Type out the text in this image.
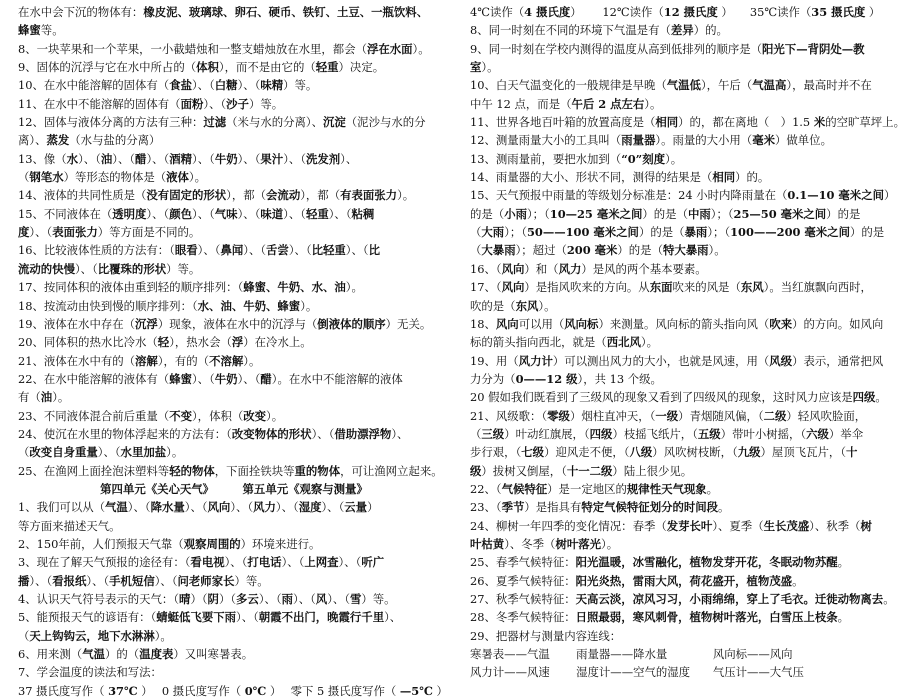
在水中会下沉的物体有：橡皮泥、玻璃球、卵石、硬币、铁钉、土豆、一瓶饮料、
蜂蜜等。
8、一块苹果和一个苹果，一小截蜡烛和一整支蜡烛放在水里，都会（浮在水面）。
9、固体的沉浮与它在水中所占的（体积），而不是由它的（轻重）决定。
10、在水中能溶解的固体有（食盐）、（白糖）、（味精）等。
11、在水中不能溶解的固体有（面粉）、（沙子）等。
12、固体与液体分离的方法有三种：过滤（米与水的分离）、沉淀（泥沙与水的分
离）、蒸发（水与盐的分离）
13、像（水）、（油）、（醋）、（酒精）、（牛奶）、（果汁）、（洗发剂）、
（钢笔水）等形态的物体是（液体）。
14、液体的共同性质是（没有固定的形状），都（会流动），都（有表面张力）。
15、不同液体在（透明度）、（颜色）、（气味）、（味道）、（轻重）、（粘稠
度）、（表面张力）等方面是不同的。
16、比较液体性质的方法有：（眼看）、（鼻闻）、（舌尝）、（比轻重）、（比
流动的快慢）、（比覆珠的形状）等。
17、按同体积的液体由重到轻的顺序排列：（蜂蜜、牛奶、水、油）。
18、按流动由快到慢的顺序排列：（水、油、牛奶、蜂蜜）。
19、液体在水中存在（沉浮）现象，液体在水中的沉浮与（倒液体的顺序）无关。
20、同体积的热水比冷水（轻），热水会（浮）在冷水上。
21、液体在水中有的（溶解），有的（不溶解）。
22、在水中能溶解的液体有（蜂蜜）、（牛奶）、（醋）。在水中不能溶解的液体
有（油）。
23、不同液体混合前后重量（不变），体积（改变）。
24、使沉在水里的物体浮起来的方法有：（改变物体的形状）、（借助漂浮物）、
（改变自身重量）、（水里加盐）。
25、在渔网上面拴泡沫塑料等轻的物体，下面拴铁块等重的物体，可让渔网立起来。
第四单元《关心天气》　　　第五单元《观察与测量》
1、我们可以从（气温）、（降水量）、（风向）、（风力）、（湿度）、（云量）
等方面来描述天气。
2、150年前，人们预报天气靠（观察周围的）环境来进行。
3、现在了解天气预报的途径有：（看电视）、（打电话）、（上网查）、（听广
播）、（看报纸）、（手机短信）、（问老师家长）等。
4、认识天气符号表示的天气：（晴）（阴）（多云）、（雨）、（风）、（雪）等。
5、能预报天气的谚语有：（蜻蜓低飞要下雨）、（朝霞不出门，晚霞行千里）、
（天上钩钩云，地下水淋淋）。
6、用来测（气温）的（温度表）又叫寒暑表。
7、学会温度的读法和写法：
37 摄氏度写作（ 37℃ ）　 0 摄氏度写作（ 0℃ ）　 零下 5 摄氏度写作（ —5℃ ）
4℃读作（4 摄氏度）　　 12℃读作（12 摄氏度 ）　　35℃读作（35 摄氏度 ）
8、同一时刻在不同的环境下气温是有（差异）的。
9、同一时刻在学校内测得的温度从高到低排列的顺序是（阳光下—背阴处—教
室）。
10、白天气温变化的一般规律是早晚（气温低），午后（气温高），最高时并不在
中午 12 点，而是（午后 2 点左右）。
11、世界各地百叶箱的放置高度是（相同）的，都在离地（　）1.5 米的空旷草坪上。
12、测量雨量大小的工具叫（雨量器）。雨量的大小用（毫米）做单位。
13、测雨量前，要把水加到（“0”刻度）。
14、雨量器的大小、形状不同，测得的结果是（相同）的。
15、天气预报中雨量的等级划分标准是：24 小时内降雨量在（0.1—10 毫米之间）
的是（小雨）；（10—25 毫米之间）的是（中雨）；（25—50 毫米之间）的是
（大雨）；（50——100 毫米之间）的是（暴雨）；（100——200 毫米之间）的是
（大暴雨）；超过（200 毫米）的是（特大暴雨）。
16、（风向）和（风力）是风的两个基本要素。
17、（风向）是指风吹来的方向。从东面吹来的风是（东风）。当红旗飘向西时，
吹的是（东风）。
18、风向可以用（风向标）来测量。风向标的箭头指向风（吹来）的方向。如风向
标的箭头指向西北，就是（西北风）。
19、用（风力计）可以测出风力的大小，也就是风速，用（风级）表示，通常把风
力分为（0——12 级），共 13 个级。
20 假如我们既看到了三级风的现象又看到了四级风的现象，这时风力应该是四级。
21、风级歌：（零级）烟柱直冲天，（一级）青烟随风偏，（二级）轻风吹脸面，
（三级）叶动红旗展，（四级）枝摇飞纸片，（五级）带叶小树摇，（六级）举伞
步行艰，（七级）迎风走不便，（八级）风吹树枝断，（九级）屋顶飞瓦片，（十
级）拔树又倒屋，（十一二级）陆上很少见。
22、（气候特征）是一定地区的规律性天气现象。
23、（季节）是指具有特定气候特征划分的时间段。
24、柳树一年四季的变化情况：春季（发芽长叶）、夏季（生长茂盛）、秋季（树
叶枯黄）、冬季（树叶落光）。
25、春季气候特征：阳光温暖，冰雪融化，植物发芽开花，冬眠动物苏醒。
26、夏季气候特征：阳光炎热，雷雨大风，荷花盛开，植物茂盛。
27、秋季气候特征：天高云淡，凉风习习，小雨绵绵，穿上了毛衣。迁徙动物离去。
28、冬季气候特征：日照最弱，寒风刺骨，植物树叶落光，白雪压上枝条。
29、把器材与测量内容连线：
寒暑表——气温　　 雨量器——降水量　　　　风向标——风向
风力计——风速　　 湿度计——空气的湿度　　气压计——大气压
